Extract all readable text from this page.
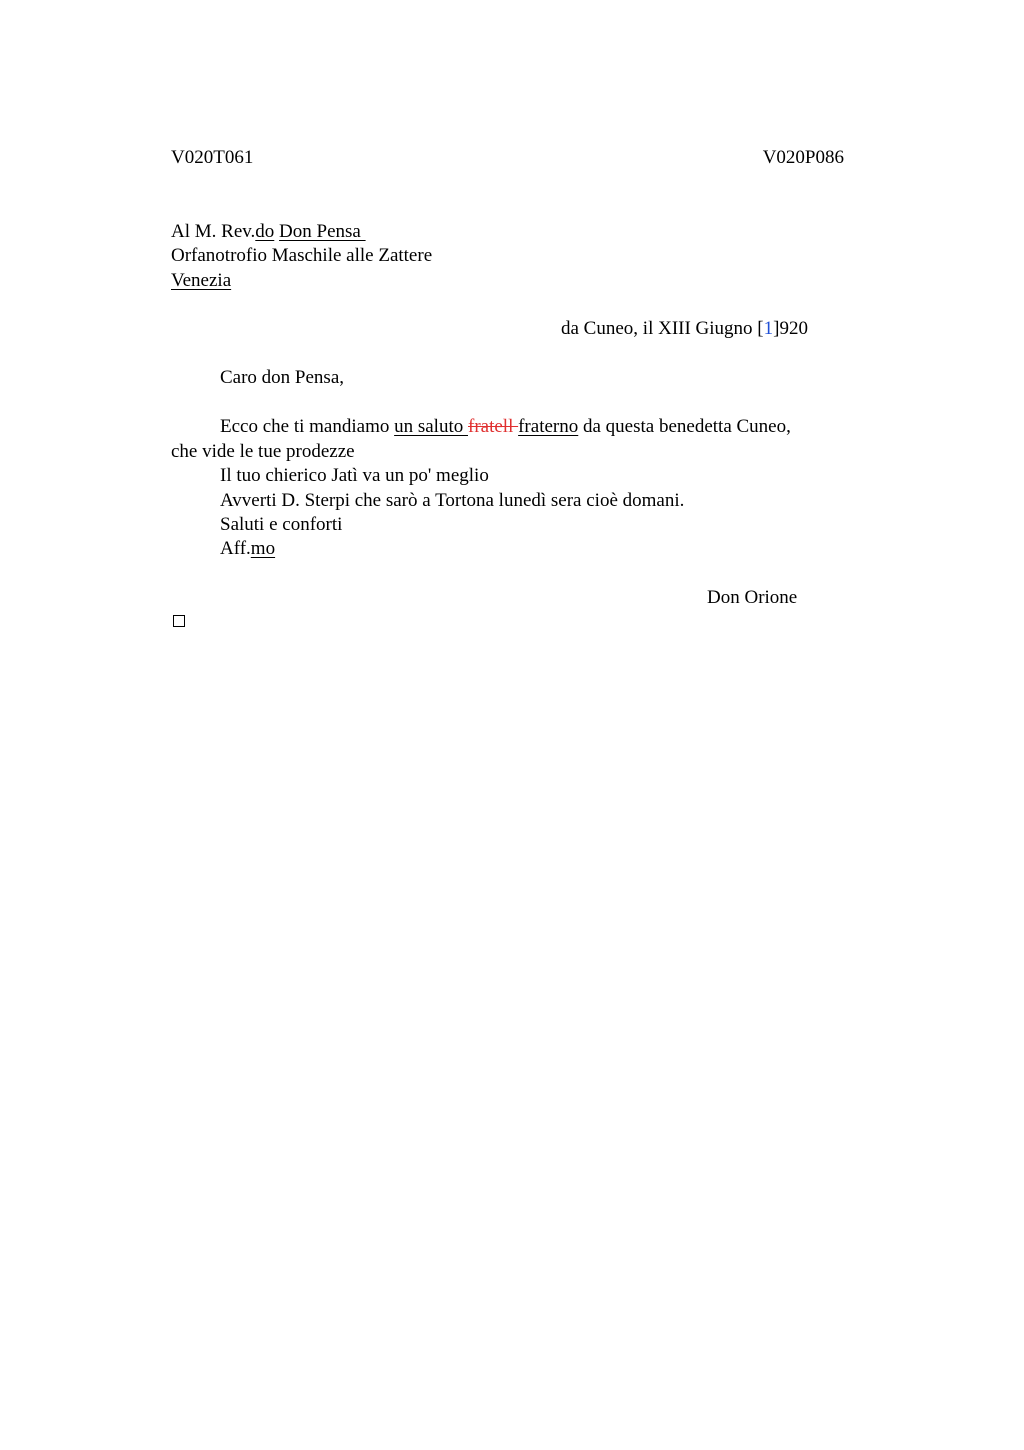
V020T061	V020P086
Al M. Rev.do Don Pensa
Orfanotrofio Maschile alle Zattere
Venezia
da Cuneo, il XIII Giugno [1]920
Caro don Pensa,
Ecco che ti mandiamo un saluto fratell fraterno da questa benedetta Cuneo,
che vide le tue prodezze
Il tuo chierico Jatì va un po' meglio
Avverti D. Sterpi che sarò a Tortona lunedì sera cioè domani.
Saluti e conforti
Aff.mo
Don Orione
